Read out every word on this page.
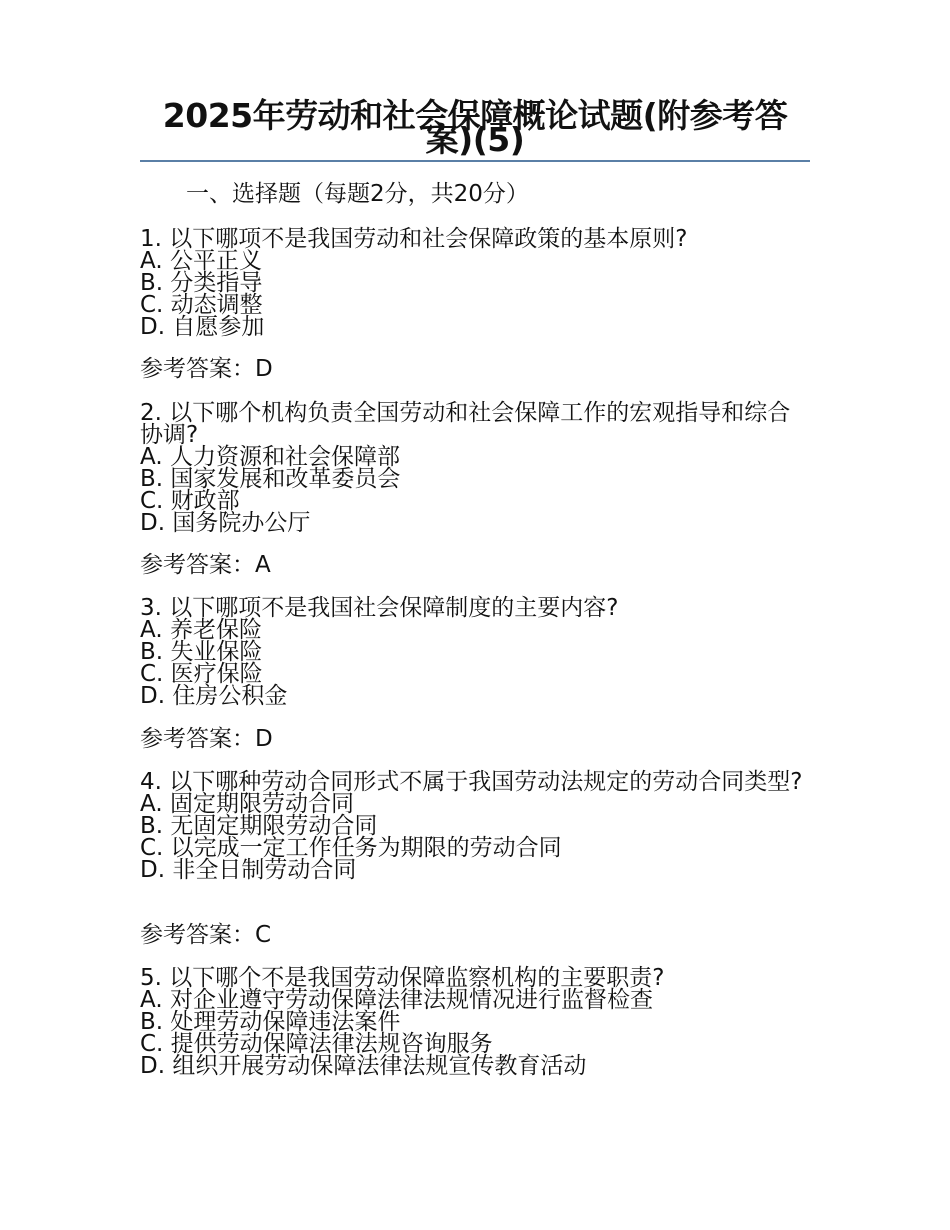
2025年劳动和社会保障概论试题(附参考答案)(5)
一、选择题（每题2分，共20分）

1. 以下哪项不是我国劳动和社会保障政策的基本原则?

A. 公平正义

B. 分类指导

C. 动态调整

D. 自愿参加

参考答案：D

2. 以下哪个机构负责全国劳动和社会保障工作的宏观指导和综合协调?

A. 人力资源和社会保障部

B. 国家发展和改革委员会

C. 财政部

D. 国务院办公厅

参考答案：A

3. 以下哪项不是我国社会保障制度的主要内容?

A. 养老保险

B. 失业保险

C. 医疗保险

D. 住房公积金

参考答案：D

4. 以下哪种劳动合同形式不属于我国劳动法规定的劳动合同类型?

A. 固定期限劳动合同

B. 无固定期限劳动合同

C. 以完成一定工作任务为期限的劳动合同

D. 非全日制劳动合同

参考答案：C

5. 以下哪个不是我国劳动保障监察机构的主要职责?

A. 对企业遵守劳动保障法律法规情况进行监督检查

B. 处理劳动保障违法案件

C. 提供劳动保障法律法规咨询服务

D. 组织开展劳动保障法律法规宣传教育活动
